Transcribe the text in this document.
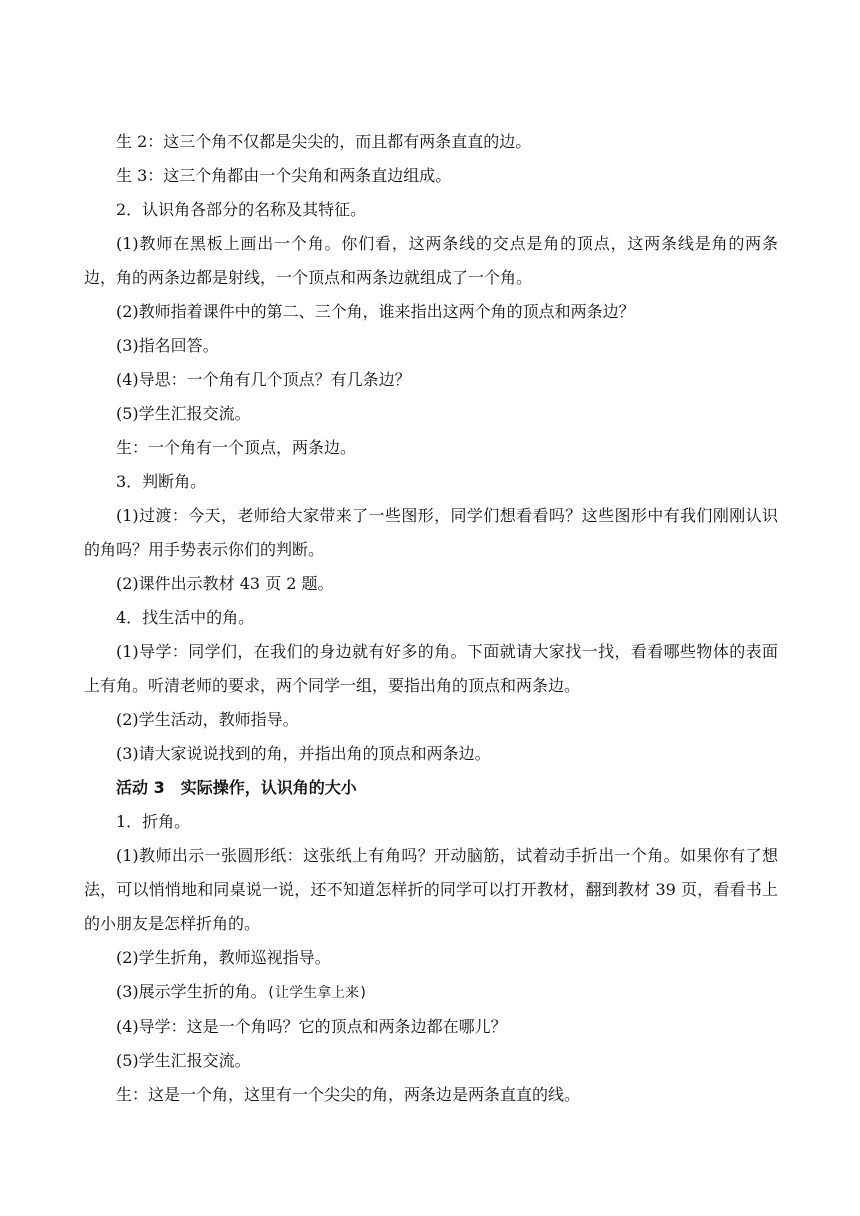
生 2：这三个角不仅都是尖尖的，而且都有两条直直的边。

生 3：这三个角都由一个尖角和两条直边组成。

2．认识角各部分的名称及其特征。

(1)教师在黑板上画出一个角。你们看，这两条线的交点是角的顶点，这两条线是角的两条边，角的两条边都是射线，一个顶点和两条边就组成了一个角。

(2)教师指着课件中的第二、三个角，谁来指出这两个角的顶点和两条边？

(3)指名回答。

(4)导思：一个角有几个顶点？有几条边？

(5)学生汇报交流。

生：一个角有一个顶点，两条边。

3．判断角。

(1)过渡：今天，老师给大家带来了一些图形，同学们想看看吗？这些图形中有我们刚刚认识的角吗？用手势表示你们的判断。

(2)课件出示教材 43 页 2 题。

4．找生活中的角。

(1)导学：同学们，在我们的身边就有好多的角。下面就请大家找一找，看看哪些物体的表面上有角。听清老师的要求，两个同学一组，要指出角的顶点和两条边。

(2)学生活动，教师指导。

(3)请大家说说找到的角，并指出角的顶点和两条边。

活动 3 实际操作，认识角的大小

1．折角。

(1)教师出示一张圆形纸：这张纸上有角吗？开动脑筋，试着动手折出一个角。如果你有了想法，可以悄悄地和同桌说一说，还不知道怎样折的同学可以打开教材，翻到教材 39 页，看看书上的小朋友是怎样折角的。

(2)学生折角，教师巡视指导。

(3)展示学生折的角。(让学生拿上来)

(4)导学：这是一个角吗？它的顶点和两条边都在哪儿？

(5)学生汇报交流。

生：这是一个角，这里有一个尖尖的角，两条边是两条直直的线。
